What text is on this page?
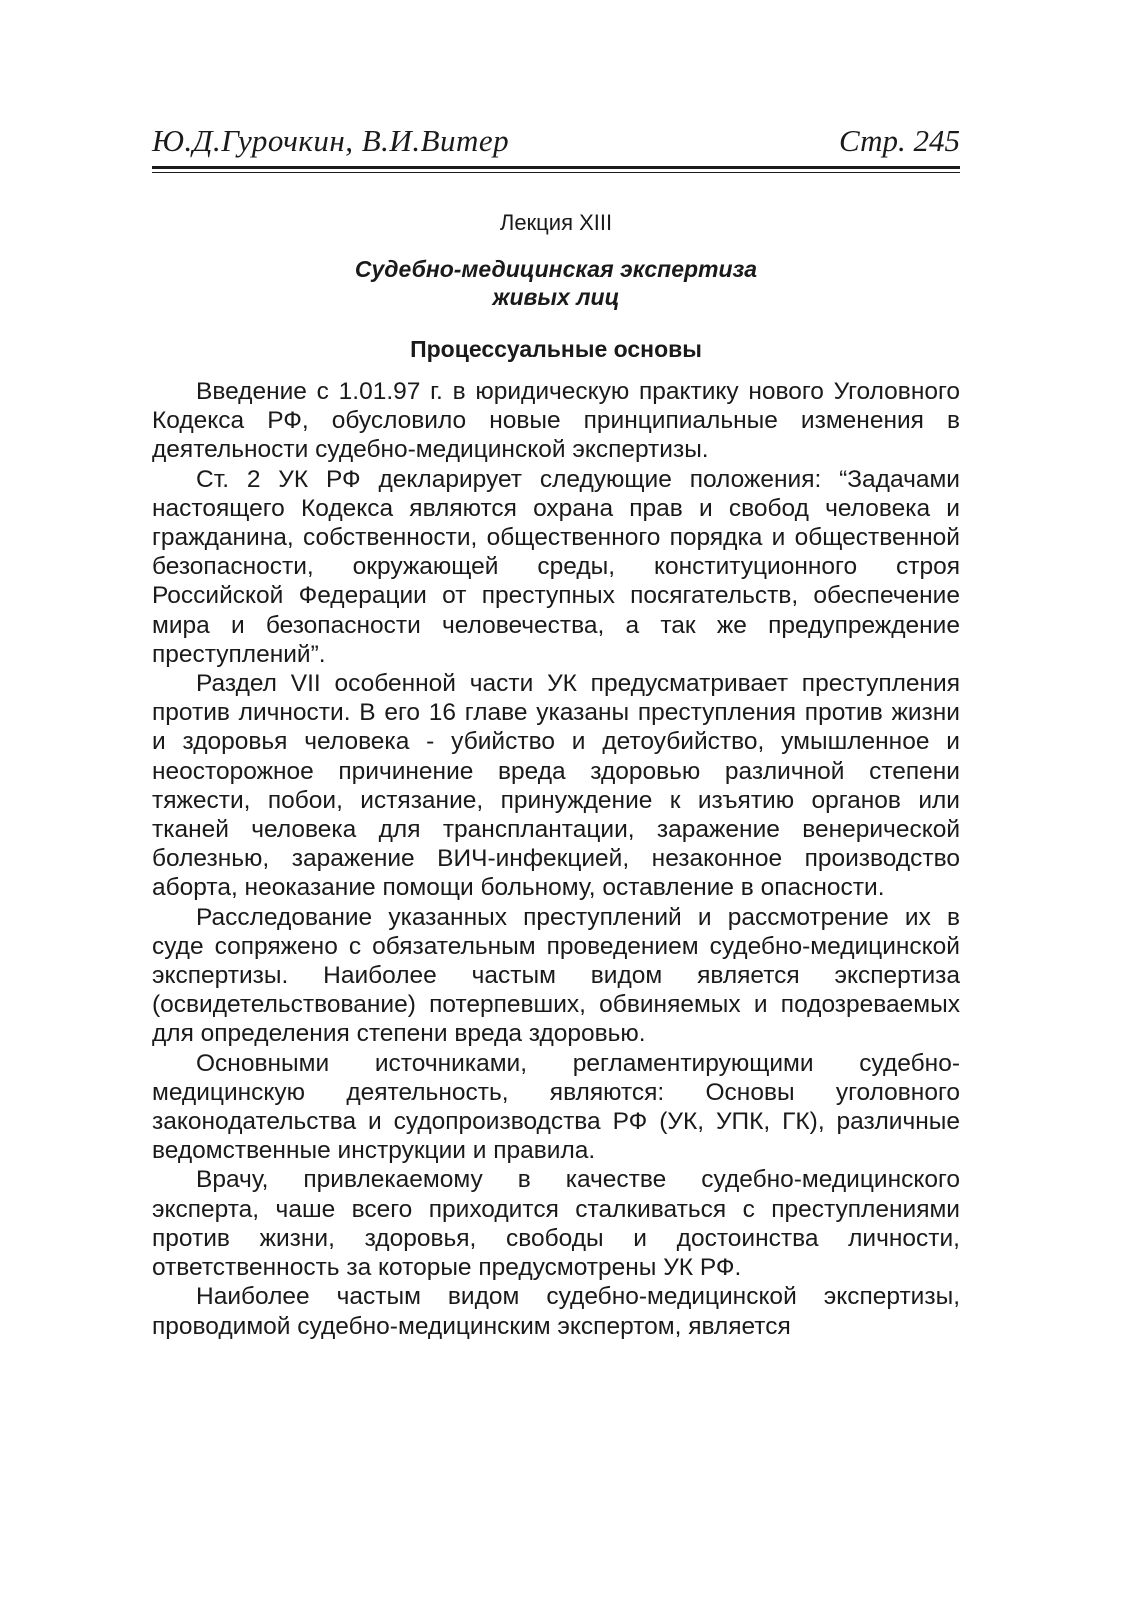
Ю.Д.Гурочкин, В.И.Витер	Стр. 245
Лекция XIII
Судебно-медицинская экспертиза
живых лиц
Процессуальные основы

Введение с 1.01.97 г. в юридическую практику нового Уголовного Кодекса РФ, обусловило новые принципиальные изменения в деятельности судебно-медицинской экспертизы.

Ст. 2 УК РФ декларирует следующие положения: “Задачами настоящего Кодекса являются охрана прав и свобод человека и гражданина, собственности, общественного порядка и общественной безопасности, окружающей среды, конституционного строя Российской Федерации от преступных посягательств, обеспечение мира и безопасности человечества, а так же предупреждение преступлений”.

Раздел VII особенной части УК предусматривает преступления против личности. В его 16 главе указаны преступления против жизни и здоровья человека - убийство и детоубийство, умышленное и неосторожное причинение вреда здоровью различной степени тяжести, побои, истязание, принуждение к изъятию органов или тканей человека для трансплантации, заражение венерической болезнью, заражение ВИЧ-инфекцией, незаконное производство аборта, неоказание помощи больному, оставление в опасности.

Расследование указанных преступлений и рассмотрение их в суде сопряжено с обязательным проведением судебно-медицинской экспертизы. Наиболее частым видом является экспертиза (освидетельствование) потерпевших, обвиняемых и подозреваемых для определения степени вреда здоровью.

Основными источниками, регламентирующими судебно-медицинскую деятельность, являются: Основы уголовного законодательства и судопроизводства РФ (УК, УПК, ГК), различные ведомственные инструкции и правила.

Врачу, привлекаемому в качестве судебно-медицинского эксперта, чаше всего приходится сталкиваться с преступлениями против жизни, здоровья, свободы и достоинства личности, ответственность за которые предусмотрены УК РФ.

Наиболее частым видом судебно-медицинской экспертизы, проводимой судебно-медицинским экспертом, является
